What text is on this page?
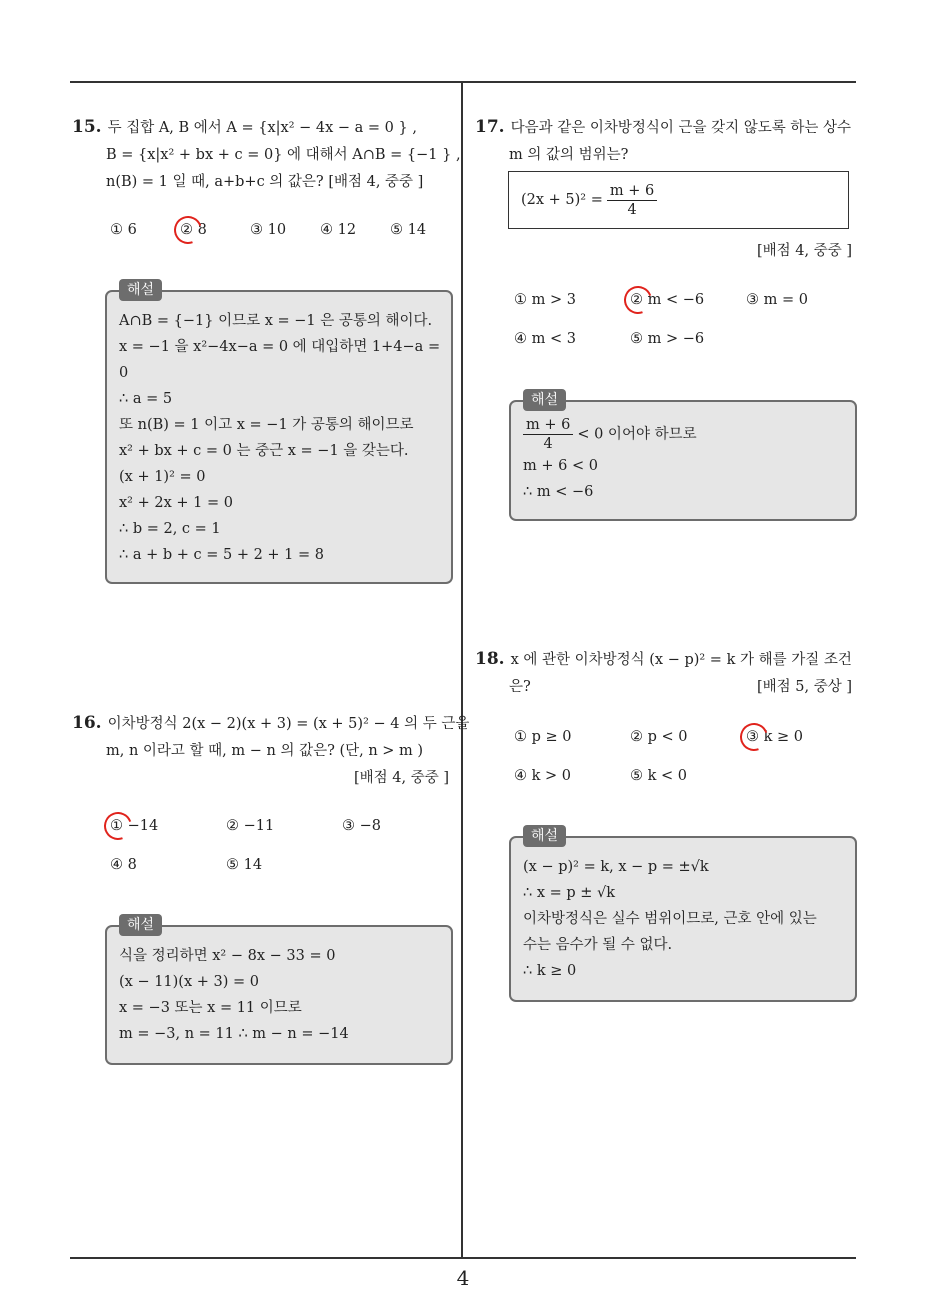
4
15. 두 집합 A, B 에서 A = {x|x² − 4x − a = 0 } ,
B = {x|x² + bx + c = 0} 에 대해서 A∩B = {−1 } ,
n(B) = 1 일 때, a+b+c 의 값은? [배점 4, 중중 ]
① 6	② 8	③ 10 ④ 12 ⑤ 14
A∩B = {−1} 이므로 x = −1 은 공통의 해이다.
x = −1 을 x²−4x−a = 0 에 대입하면 1+4−a =
0
∴ a = 5
또 n(B) = 1 이고 x = −1 가 공통의 해이므로
x² + bx + c = 0 는 중근 x = −1 을 갖는다.
(x + 1)² = 0
x² + 2x + 1 = 0
∴ b = 2, c = 1
∴ a + b + c = 5 + 2 + 1 = 8
해설
16. 이차방정식 2(x − 2)(x + 3) = (x + 5)² − 4 의 두 근을
m, n 이라고 할 때, m − n 의 값은? (단, n > m )
[배점 4, 중중 ]
① −14	② −11	③ −8
④ 8	⑤ 14
식을 정리하면 x² − 8x − 33 = 0
(x − 11)(x + 3) = 0
x = −3 또는 x = 11 이므로
m = −3, n = 11 ∴ m − n = −14
해설
17. 다음과 같은 이차방정식이 근을 갖지 않도록 하는 상수
m 의 값의 범위는?
$(2x + 5)^2 = \frac{m + 6}{4}$
[배점 4, 중중 ]
① m > 3	② m < −6	③ m = 0
④ m < 3	⑤ m > −6
$\frac{m + 6}{4} < 0$ 이어야 하므로
m + 6 < 0
∴ m < −6
해설
18. x 에 관한 이차방정식 (x − p)² = k 가 해를 가질 조건
은?	[배점 5, 중상 ]
① p ≥ 0	② p < 0	③ k ≥ 0
④ k > 0	⑤ k < 0
(x − p)² = k, x − p = ±√k
∴ x = p ± √k
이차방정식은 실수 범위이므로, 근호 안에 있는
수는 음수가 될 수 없다.
∴ k ≥ 0
해설
